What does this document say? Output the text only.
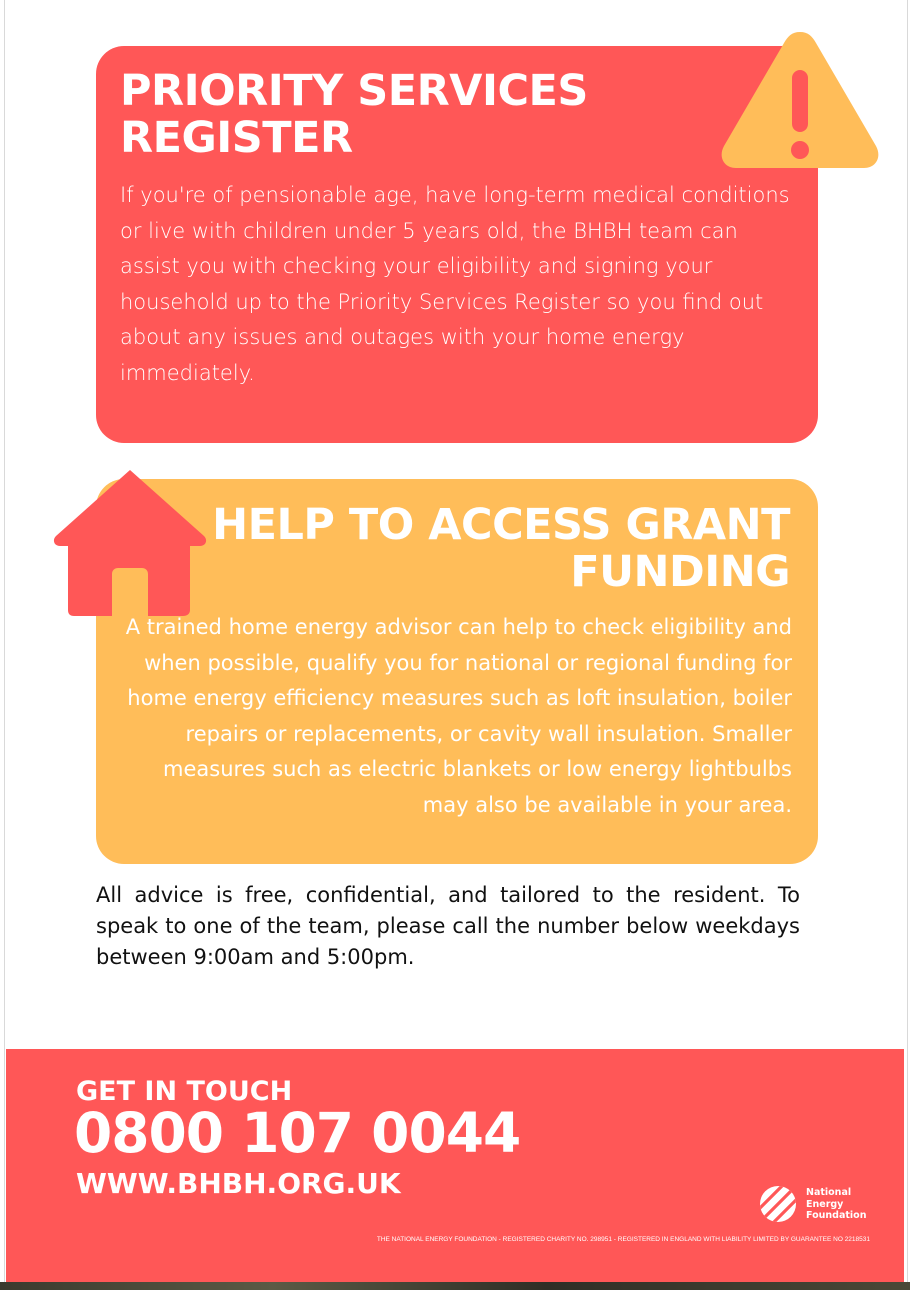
PRIORITY SERVICES REGISTER
If you're of pensionable age, have long-term medical conditions or live with children under 5 years old, the BHBH team can assist you with checking your eligibility and signing your household up to the Priority Services Register so you find out about any issues and outages with your home energy immediately.
HELP TO ACCESS GRANT FUNDING
A trained home energy advisor can help to check eligibility and when possible, qualify you for national or regional funding for home energy efficiency measures such as loft insulation, boiler repairs or replacements, or cavity wall insulation. Smaller measures such as electric blankets or low energy lightbulbs may also be available in your area.
All advice is free, confidential, and tailored to the resident. To speak to one of the team, please call the number below weekdays between 9:00am and 5:00pm.
GET IN TOUCH
0800 107 0044
WWW.BHBH.ORG.UK	National Energy Foundation
THE NATIONAL ENERGY FOUNDATION - REGISTERED CHARITY NO. 298951 - REGISTERED IN ENGLAND WITH LIABILITY LIMITED BY GUARANTEE NO 2218531
